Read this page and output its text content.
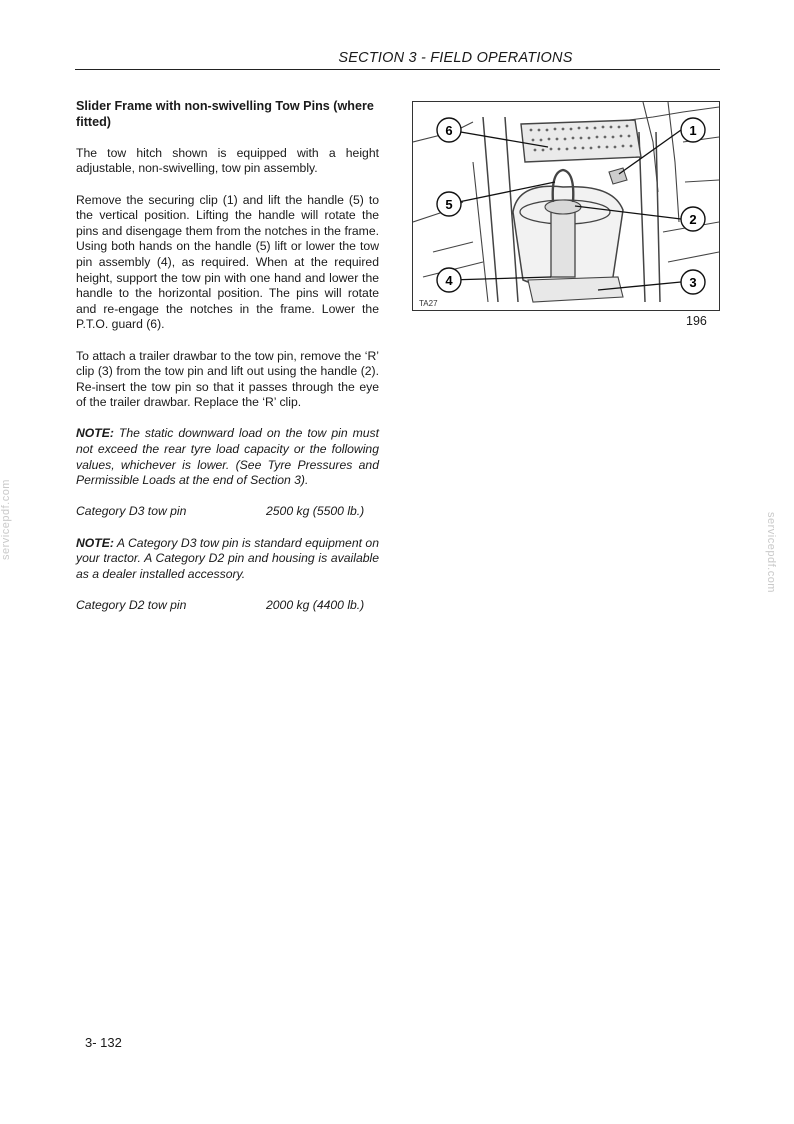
SECTION 3 - FIELD OPERATIONS
Slider Frame with non-swivelling Tow Pins (where fitted)

The tow hitch shown is equipped with a height adjustable, non-swivelling, tow pin assembly.

Remove the securing clip (1) and lift the handle (5) to the vertical position. Lifting the handle will rotate the pins and disengage them from the notches in the frame. Using both hands on the handle (5) lift or lower the tow pin assembly (4), as required. When at the required height, support the tow pin with one hand and lower the handle to the horizontal position. The pins will rotate and re-engage the notches in the frame. Lower the P.T.O. guard (6).

To attach a trailer drawbar to the tow pin, remove the ‘R’ clip (3) from the tow pin and lift out using the handle (2). Re-insert the tow pin so that it passes through the eye of the trailer drawbar. Replace the ‘R’ clip.

NOTE: The static downward load on the tow pin must not exceed the rear tyre load capacity or the following values, whichever is lower. (See Tyre Pressures and Permissible Loads at the end of Section 3).

Category D3 tow pin	2500 kg (5500 lb.)

NOTE: A Category D3 tow pin is standard equipment on your tractor. A Category D2 pin and housing is available as a dealer installed accessory.

Category D2 tow pin	2000 kg (4400 lb.)
6
5
4
1
2
3
TA27
196
3- 132
servicepdf.com	servicepdf.com
